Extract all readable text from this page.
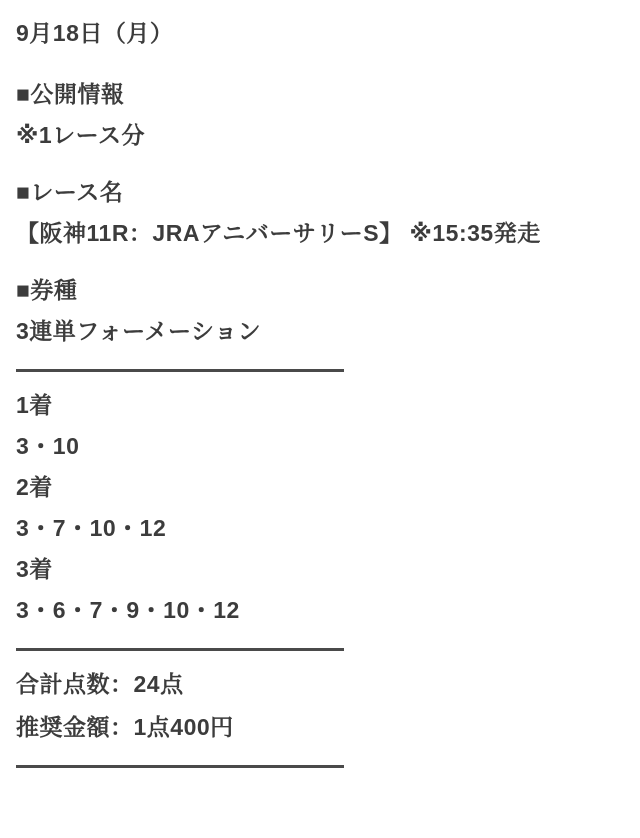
9月18日（月）
■公開情報
※1レース分
■レース名
【阪神11R：JRAアニバーサリーS】 ※15:35発走
■券種
3連単フォーメーション
1着
3・10
2着
3・7・10・12
3着
3・6・7・9・10・12
合計点数：24点
推奨金額：1点400円
